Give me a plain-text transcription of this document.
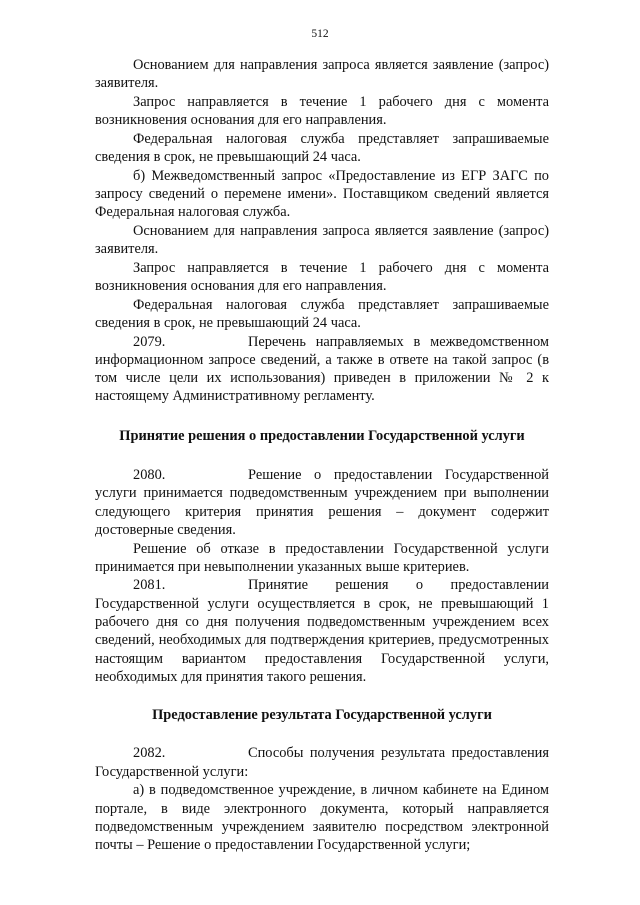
512

Основанием для направления запроса является заявление (запрос) заявителя.

Запрос направляется в течение 1 рабочего дня с момента возникновения основания для его направления.

Федеральная налоговая служба представляет запрашиваемые сведения в срок, не превышающий 24 часа.

б) Межведомственный запрос «Предоставление из ЕГР ЗАГС по запросу сведений о перемене имени». Поставщиком сведений является Федеральная налоговая служба.

Основанием для направления запроса является заявление (запрос) заявителя.

Запрос направляется в течение 1 рабочего дня с момента возникновения основания для его направления.

Федеральная налоговая служба представляет запрашиваемые сведения в срок, не превышающий 24 часа.

2079.	Перечень направляемых в межведомственном информационном запросе сведений, а также в ответе на такой запрос (в том числе цели их использования) приведен в приложении № 2 к настоящему Административному регламенту.

Принятие решения о предоставлении Государственной услуги

2080.	Решение о предоставлении Государственной услуги принимается подведомственным учреждением при выполнении следующего критерия принятия решения – документ содержит достоверные сведения.

Решение об отказе в предоставлении Государственной услуги принимается при невыполнении указанных выше критериев.

2081.	Принятие решения о предоставлении Государственной услуги осуществляется в срок, не превышающий 1 рабочего дня со дня получения подведомственным учреждением всех сведений, необходимых для подтверждения критериев, предусмотренных настоящим вариантом предоставления Государственной услуги, необходимых для принятия такого решения.

Предоставление результата Государственной услуги

2082.	Способы получения результата предоставления Государственной услуги:

а) в подведомственное учреждение, в личном кабинете на Едином портале, в виде электронного документа, который направляется подведомственным учреждением заявителю посредством электронной почты – Решение о предоставлении Государственной услуги;
